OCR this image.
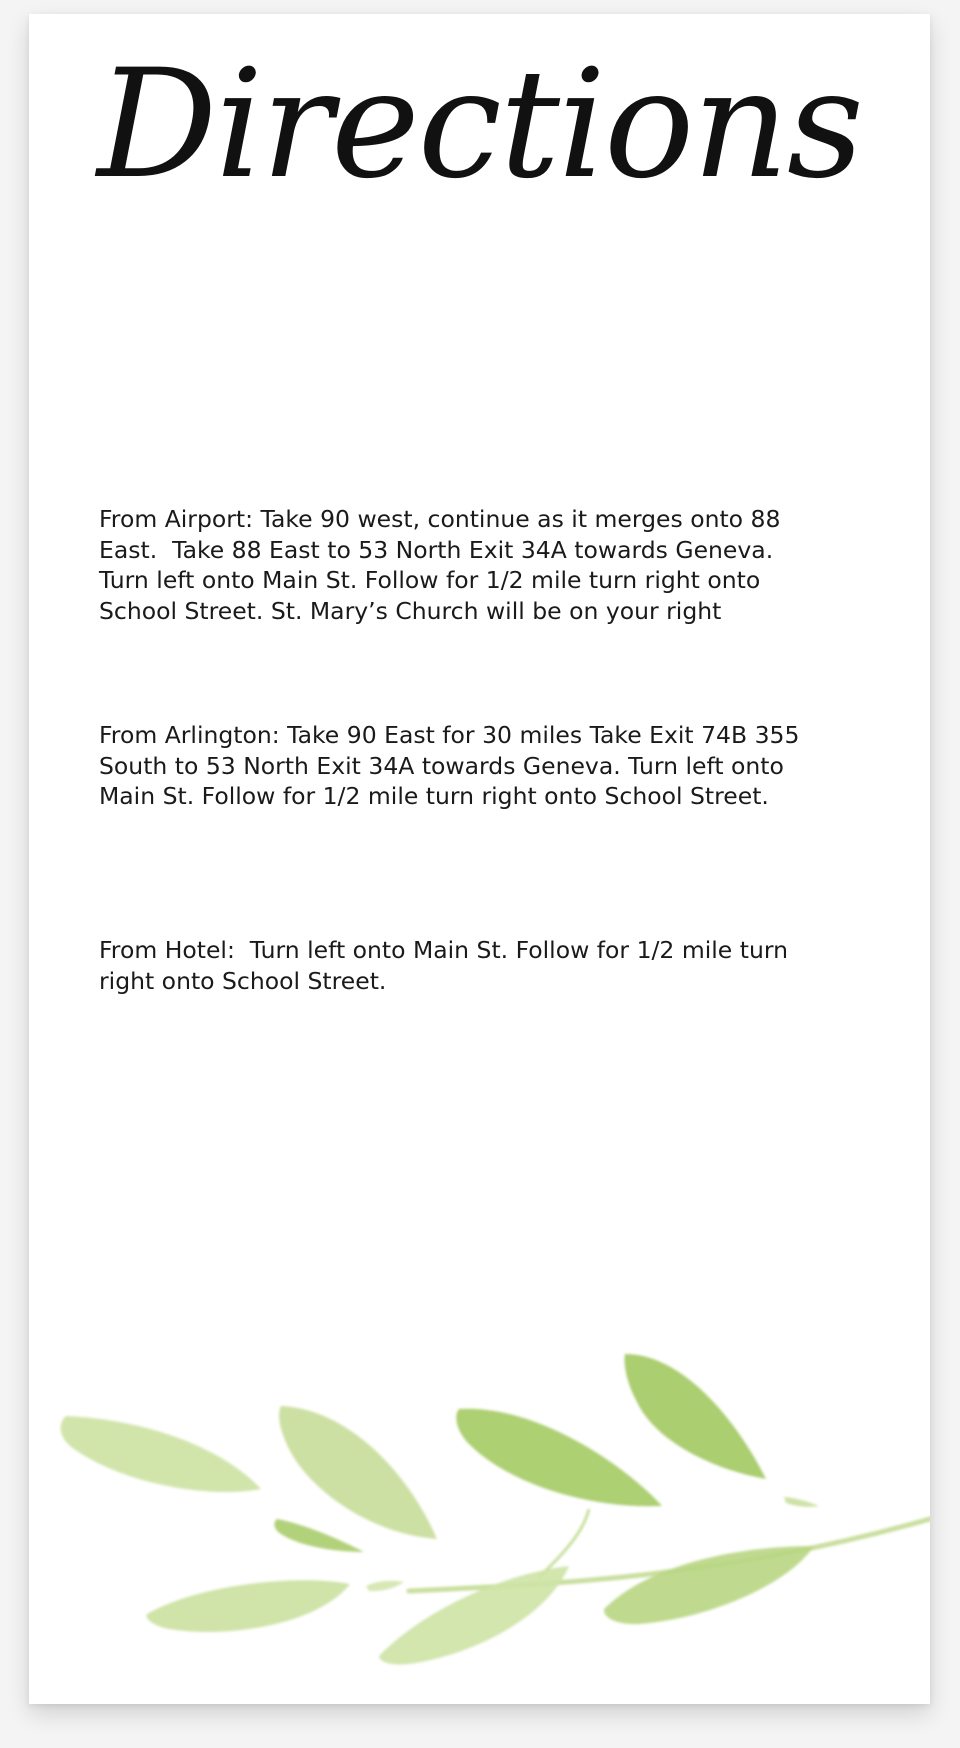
Directions

From Airport: Take 90 west, continue as it merges onto 88
East.  Take 88 East to 53 North Exit 34A towards Geneva.
Turn left onto Main St. Follow for 1/2 mile turn right onto
School Street. St. Mary’s Church will be on your right

From Arlington: Take 90 East for 30 miles Take Exit 74B 355
South to 53 North Exit 34A towards Geneva. Turn left onto
Main St. Follow for 1/2 mile turn right onto School Street.

From Hotel:  Turn left onto Main St. Follow for 1/2 mile turn
right onto School Street.
